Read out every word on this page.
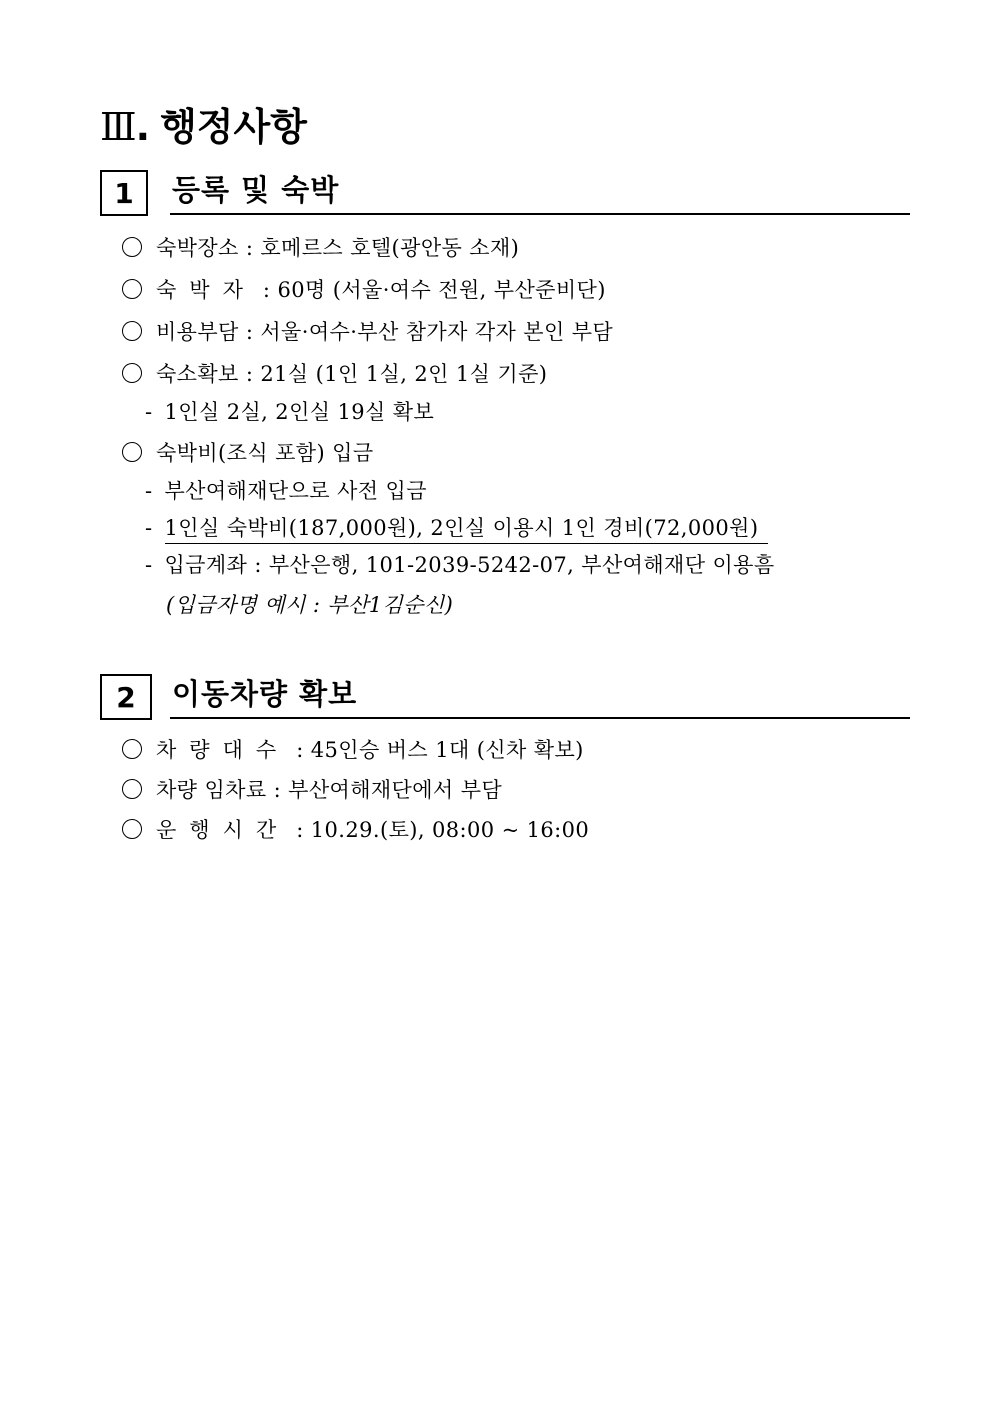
Ⅲ. 행정사항
1	등록 및 숙박

숙박장소 : 호메르스 호텔(광안동 소재)

숙박자 : 60명 (서울·여수 전원, 부산준비단)

비용부담 : 서울·여수·부산 참가자 각자 본인 부담

숙소확보 : 21실 (1인 1실, 2인 1실 기준)

- 1인실 2실, 2인실 19실 확보

숙박비(조식 포함) 입금

- 부산여해재단으로 사전 입금

- 1인실 숙박비(187,000원), 2인실 이용시 1인 경비(72,000원)

- 입금계좌 : 부산은행, 101-2039-5242-07, 부산여해재단 이용흠

(입금자명 예시 : 부산1김순신)

2	이동차량 확보

차량대수 : 45인승 버스 1대 (신차 확보)

차량 임차료 : 부산여해재단에서 부담

운행시간 : 10.29.(토), 08:00 ~ 16:00
